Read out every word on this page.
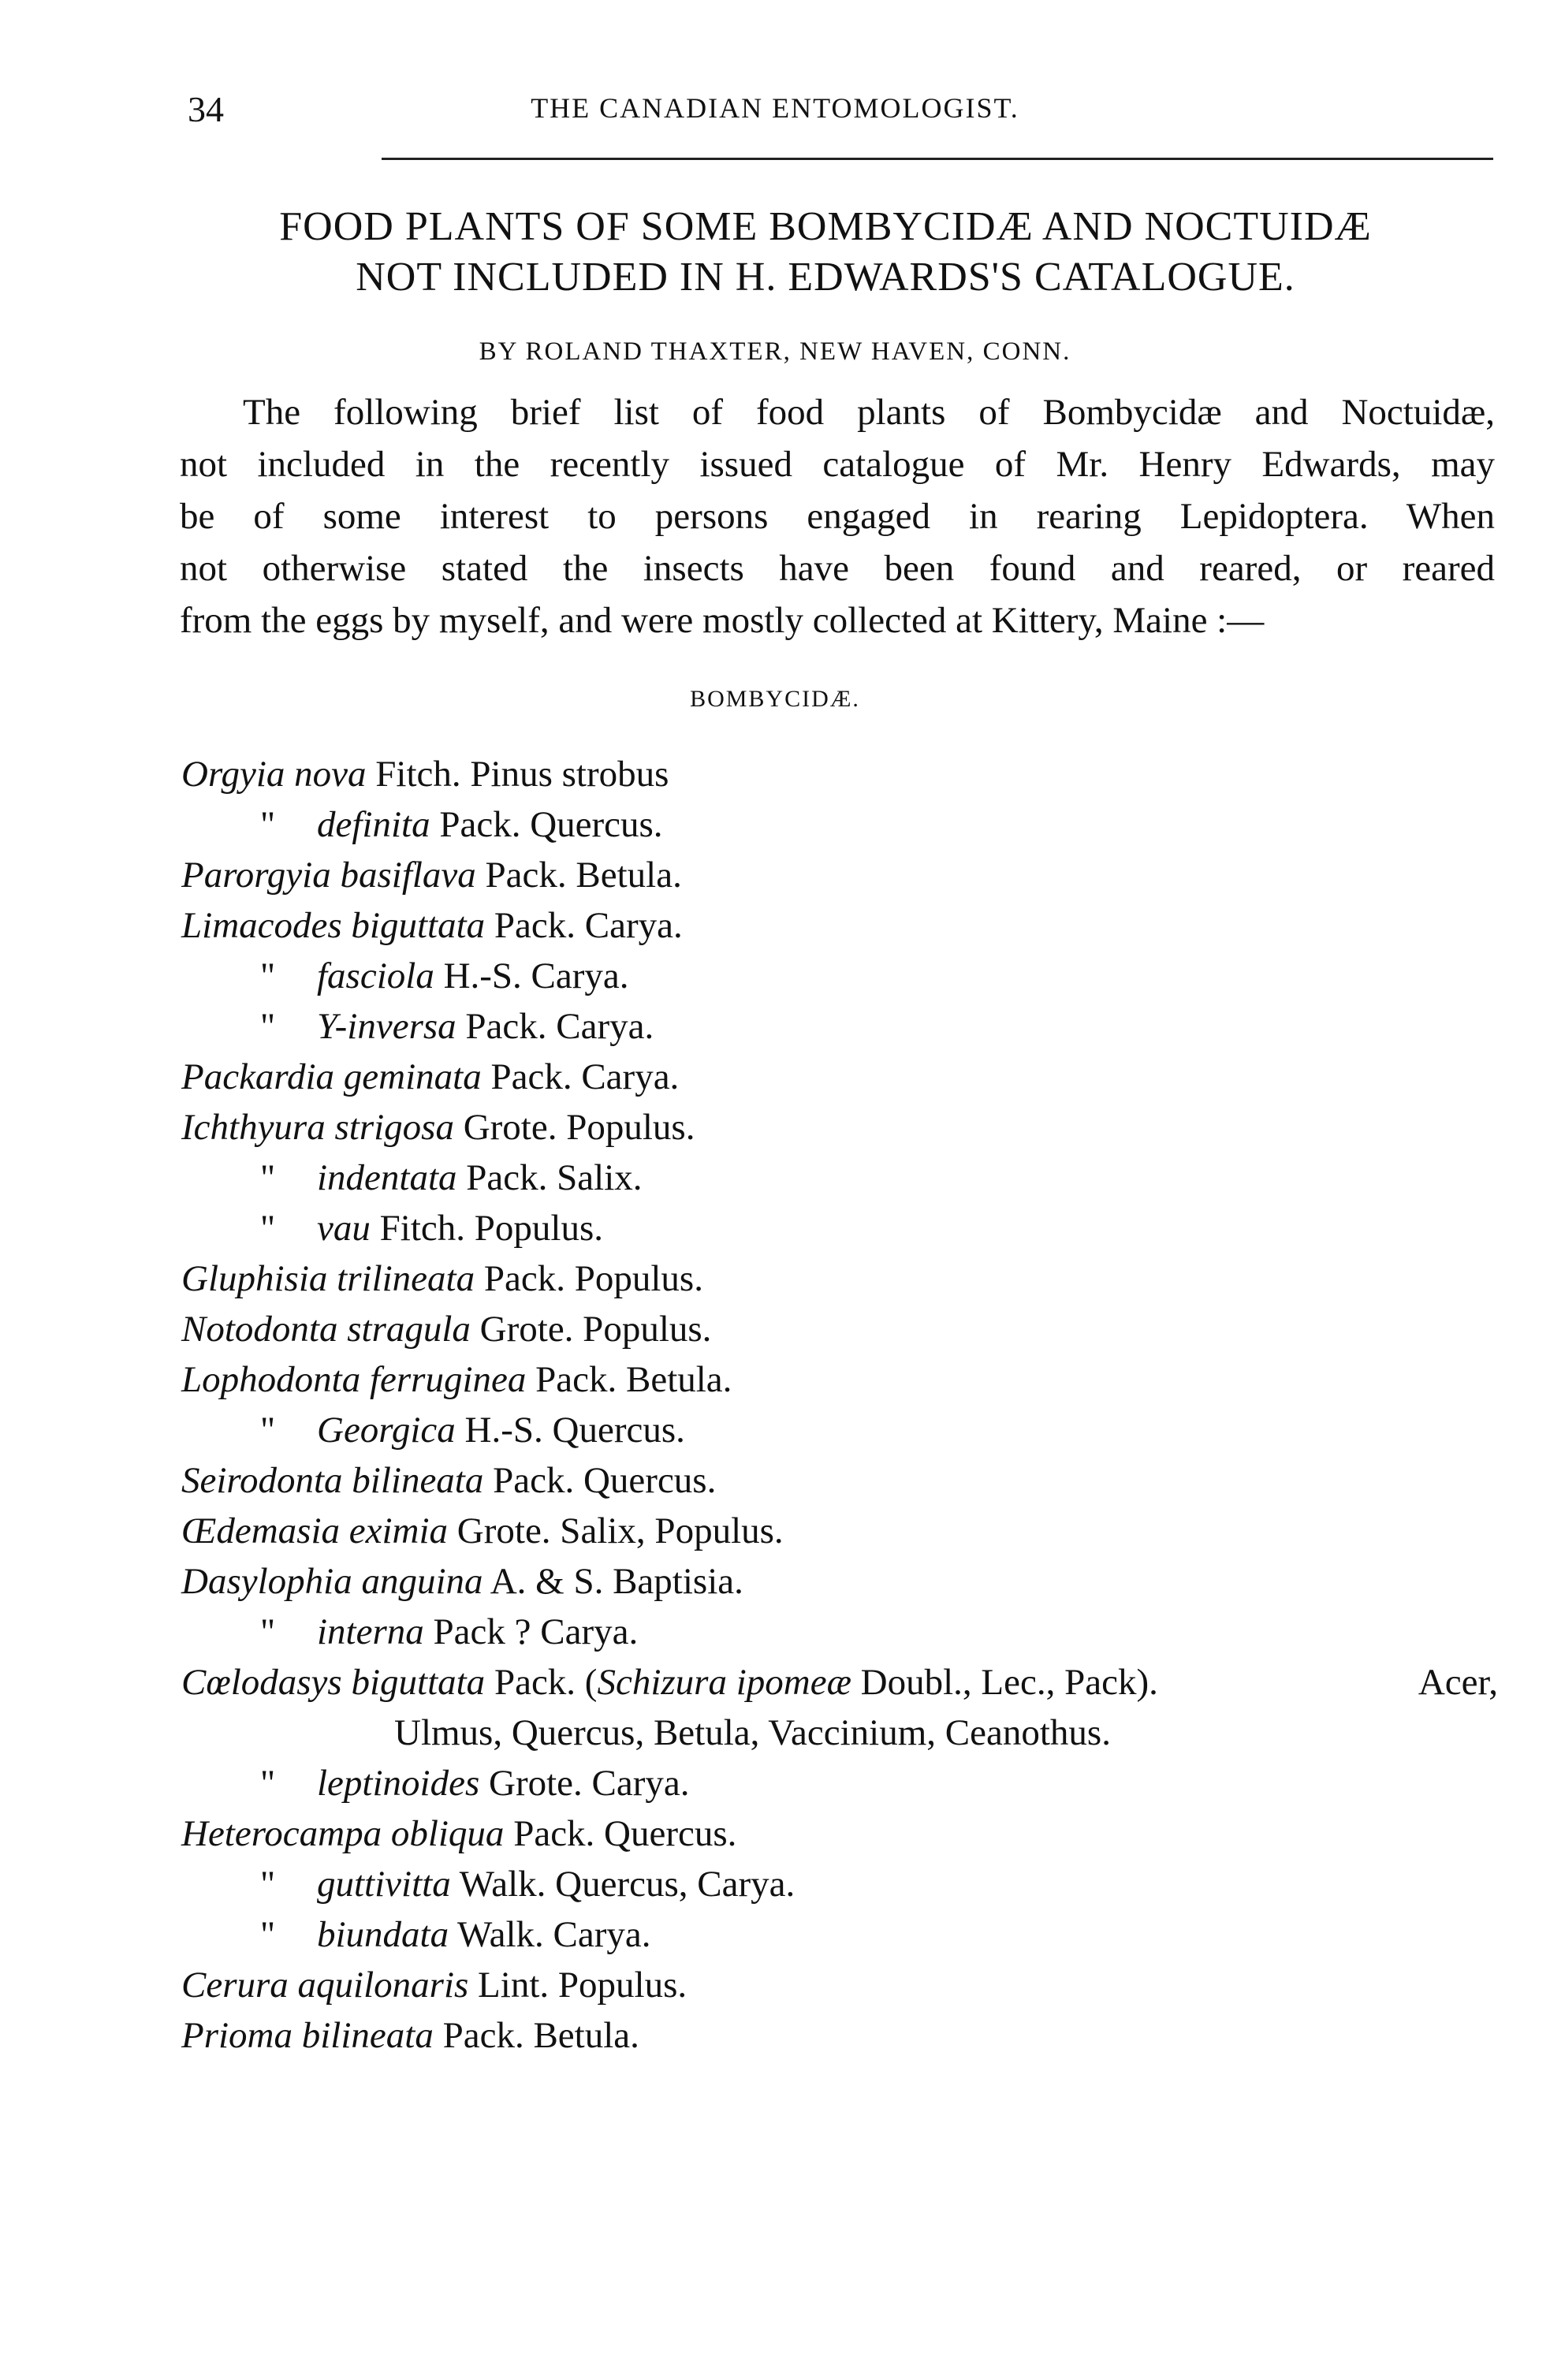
34	THE CANADIAN ENTOMOLOGIST.
FOOD PLANTS OF SOME BOMBYCIDÆ AND NOCTUIDÆ
NOT INCLUDED IN H. EDWARDS'S CATALOGUE.
BY ROLAND THAXTER, NEW HAVEN, CONN.
The following brief list of food plants of Bombycidæ and Noctuidæ,
not included in the recently issued catalogue of Mr. Henry Edwards, may
be of some interest to persons engaged in rearing Lepidoptera. When
not otherwise stated the insects have been found and reared, or reared
from the eggs by myself, and were mostly collected at Kittery, Maine :—
BOMBYCIDÆ.
Orgyia nova Fitch. Pinus strobus
" definita Pack. Quercus.
Parorgyia basiflava Pack. Betula.
Limacodes biguttata Pack. Carya.
" fasciola H.-S. Carya.
" Y-inversa Pack. Carya.
Packardia geminata Pack. Carya.
Ichthyura strigosa Grote. Populus.
" indentata Pack. Salix.
" vau Fitch. Populus.
Gluphisia trilineata Pack. Populus.
Notodonta stragula Grote. Populus.
Lophodonta ferruginea Pack. Betula.
" Georgica H.-S. Quercus.
Seirodonta bilineata Pack. Quercus.
Œdemasia eximia Grote. Salix, Populus.
Dasylophia anguina A. & S. Baptisia.
" interna Pack ? Carya.
Cœlodasys biguttata Pack. (Schizura ipomeæ Doubl., Lec., Pack).	Acer,
Ulmus, Quercus, Betula, Vaccinium, Ceanothus.
" leptinoides Grote. Carya.
Heterocampa obliqua Pack. Quercus.
" guttivitta Walk. Quercus, Carya.
" biundata Walk. Carya.
Cerura aquilonaris Lint. Populus.
Prioma bilineata Pack. Betula.
